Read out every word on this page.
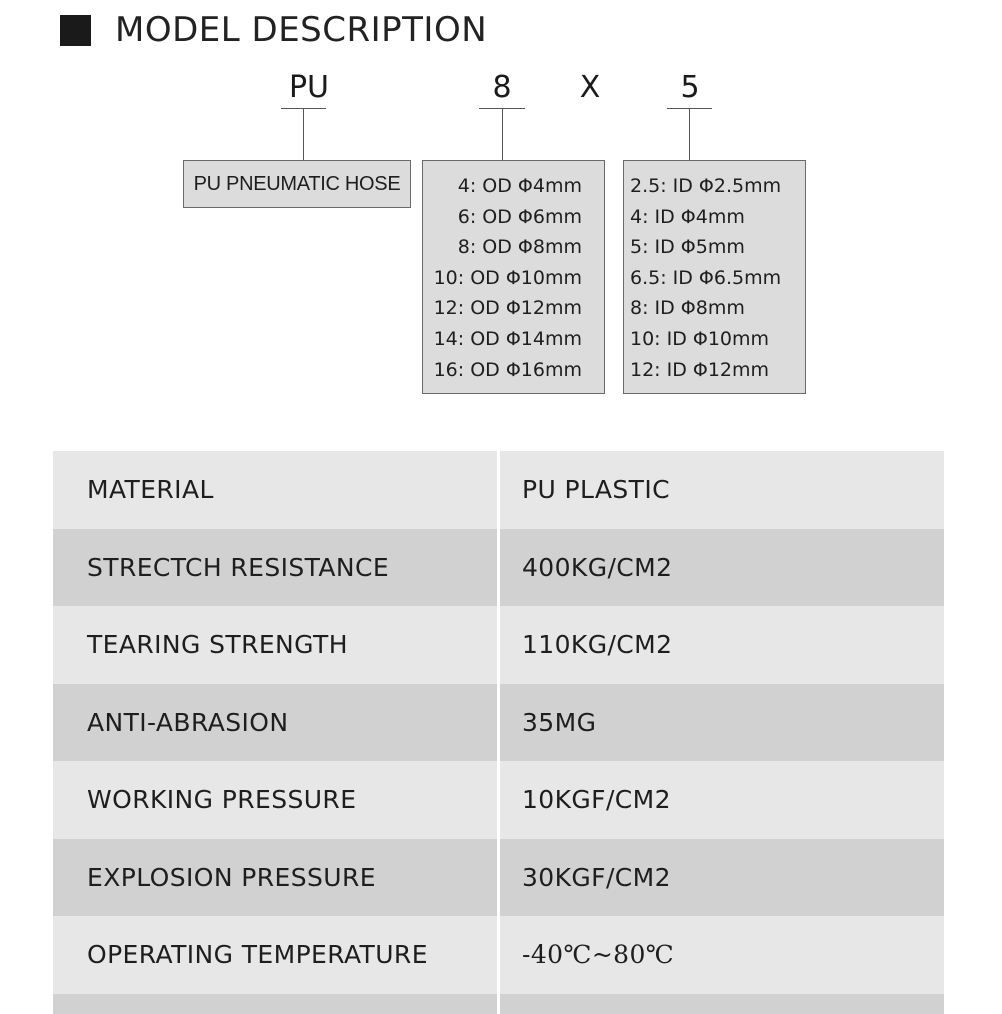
MODEL DESCRIPTION
PU	8	X	5
PU PNEUMATIC HOSE	4: OD Φ4mm
6: OD Φ6mm
8: OD Φ8mm
10: OD Φ10mm
12: OD Φ12mm
14: OD Φ14mm
16: OD Φ16mm
2.5: ID Φ2.5mm
4: ID Φ4mm
5: ID Φ5mm
6.5: ID Φ6.5mm
8: ID Φ8mm
10: ID Φ10mm
12: ID Φ12mm
MATERIAL	PU PLASTIC
STRECTCH RESISTANCE	400KG/CM2
TEARING STRENGTH	110KG/CM2
ANTI-ABRASION	35MG
WORKING PRESSURE	10KGF/CM2
EXPLOSION PRESSURE	30KGF/CM2
OPERATING TEMPERATURE	-40℃~80℃
